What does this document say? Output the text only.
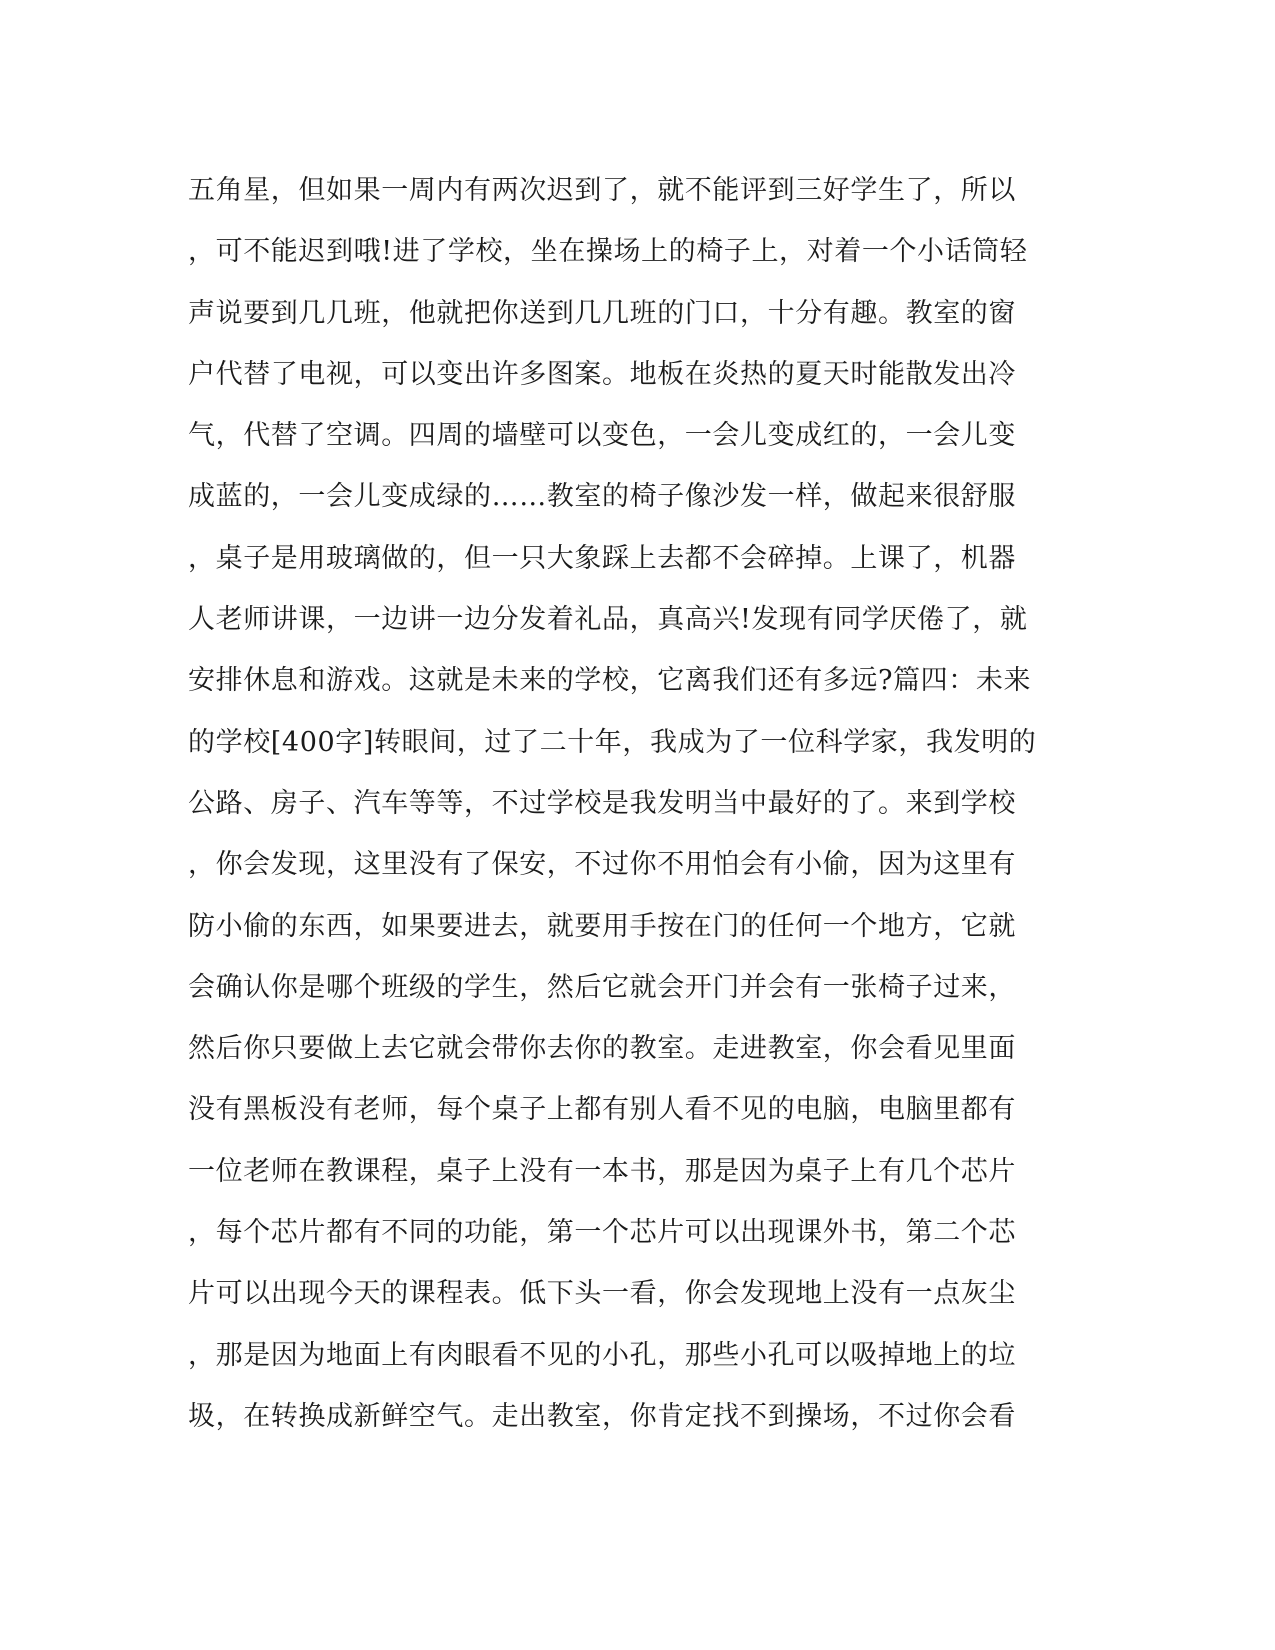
五角星，但如果一周内有两次迟到了，就不能评到三好学生了，所以
，可不能迟到哦!进了学校，坐在操场上的椅子上，对着一个小话筒轻
声说要到几几班，他就把你送到几几班的门口，十分有趣。教室的窗
户代替了电视，可以变出许多图案。地板在炎热的夏天时能散发出冷
气，代替了空调。四周的墙壁可以变色，一会儿变成红的，一会儿变
成蓝的，一会儿变成绿的……教室的椅子像沙发一样，做起来很舒服
，桌子是用玻璃做的，但一只大象踩上去都不会碎掉。上课了，机器
人老师讲课，一边讲一边分发着礼品，真高兴!发现有同学厌倦了，就
安排休息和游戏。这就是未来的学校，它离我们还有多远?篇四：未来
的学校[400字]转眼间，过了二十年，我成为了一位科学家，我发明的
公路、房子、汽车等等，不过学校是我发明当中最好的了。来到学校
，你会发现，这里没有了保安，不过你不用怕会有小偷，因为这里有
防小偷的东西，如果要进去，就要用手按在门的任何一个地方，它就
会确认你是哪个班级的学生，然后它就会开门并会有一张椅子过来，
然后你只要做上去它就会带你去你的教室。走进教室，你会看见里面
没有黑板没有老师，每个桌子上都有别人看不见的电脑，电脑里都有
一位老师在教课程，桌子上没有一本书，那是因为桌子上有几个芯片
，每个芯片都有不同的功能，第一个芯片可以出现课外书，第二个芯
片可以出现今天的课程表。低下头一看，你会发现地上没有一点灰尘
，那是因为地面上有肉眼看不见的小孔，那些小孔可以吸掉地上的垃
圾，在转换成新鲜空气。走出教室，你肯定找不到操场，不过你会看
